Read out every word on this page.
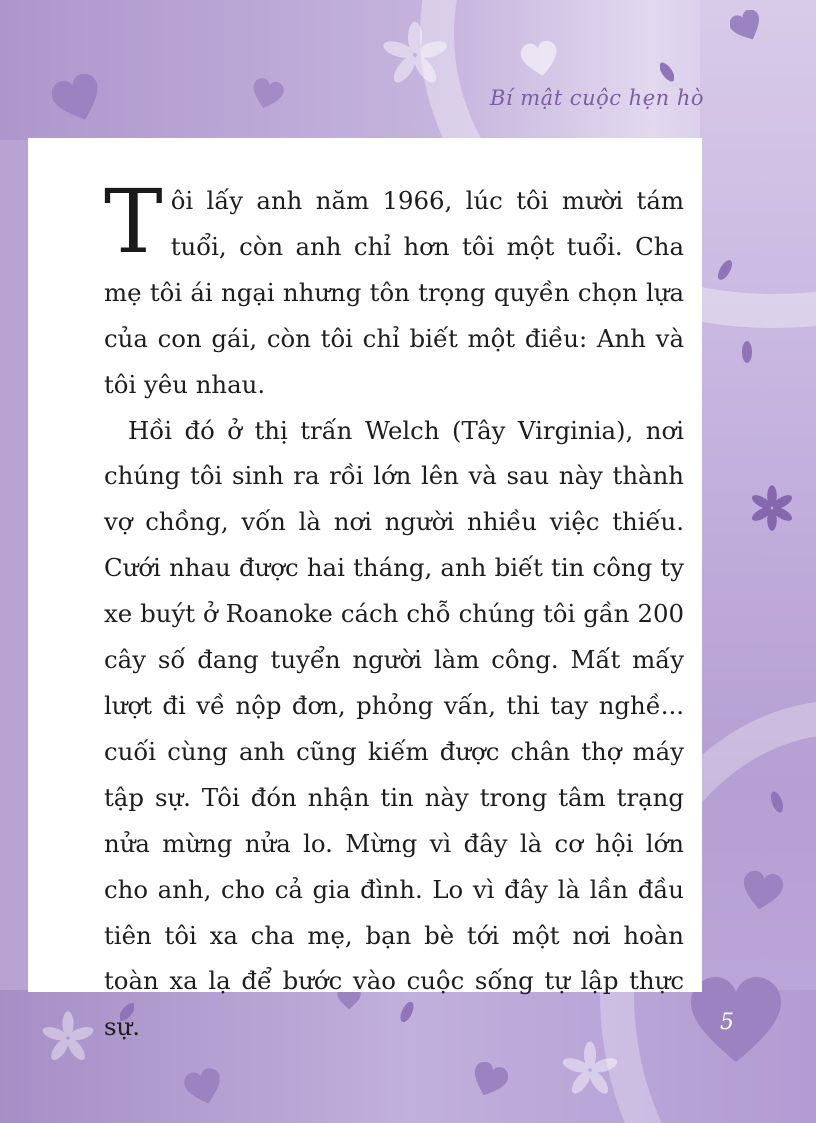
Bí mật cuộc hẹn hò

Tôi lấy anh năm 1966, lúc tôi mười tám tuổi, còn anh chỉ hơn tôi một tuổi. Cha mẹ tôi ái ngại nhưng tôn trọng quyền chọn lựa của con gái, còn tôi chỉ biết một điều: Anh và tôi yêu nhau.

Hồi đó ở thị trấn Welch (Tây Virginia), nơi chúng tôi sinh ra rồi lớn lên và sau này thành vợ chồng, vốn là nơi người nhiều việc thiếu. Cưới nhau được hai tháng, anh biết tin công ty xe buýt ở Roanoke cách chỗ chúng tôi gần 200 cây số đang tuyển người làm công. Mất mấy lượt đi về nộp đơn, phỏng vấn, thi tay nghề... cuối cùng anh cũng kiếm được chân thợ máy tập sự. Tôi đón nhận tin này trong tâm trạng nửa mừng nửa lo. Mừng vì đây là cơ hội lớn cho anh, cho cả gia đình. Lo vì đây là lần đầu tiên tôi xa cha mẹ, bạn bè tới một nơi hoàn toàn xa lạ để bước vào cuộc sống tự lập thực sự.	5
